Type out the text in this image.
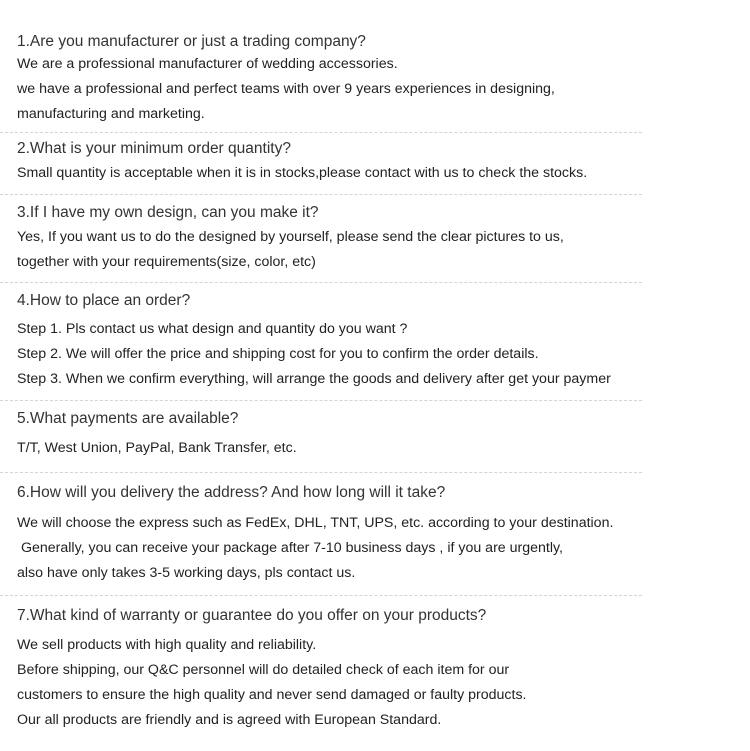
1.Are you manufacturer or just a trading company?

We are a professional manufacturer of wedding accessories.

we have a professional and perfect teams with over 9 years experiences in designing,

manufacturing and marketing.

2.What is your minimum order quantity?

Small quantity is acceptable when it is in stocks,please contact with us to check the stocks.

3.If I have my own design, can you make it?

Yes, If you want us to do the designed by yourself, please send the clear pictures to us,

together with your requirements(size, color, etc)

4.How to place an order?

Step 1. Pls contact us what design and quantity do you want ?

Step 2. We will offer the price and shipping cost for you to confirm the order details.

Step 3. When we confirm everything, will arrange the goods and delivery after get your paymer

5.What payments are available?

T/T, West Union, PayPal, Bank Transfer, etc.

6.How will you delivery the address? And how long will it take?

We will choose the express such as FedEx, DHL, TNT, UPS, etc. according to your destination.

Generally, you can receive your package after 7-10 business days , if you are urgently,

also have only takes 3-5 working days, pls contact us.

7.What kind of warranty or guarantee do you offer on your products?

We sell products with high quality and reliability.

Before shipping, our Q&C personnel will do detailed check of each item for our

customers to ensure the high quality and never send damaged or faulty products.

Our all products are friendly and is agreed with European Standard.
